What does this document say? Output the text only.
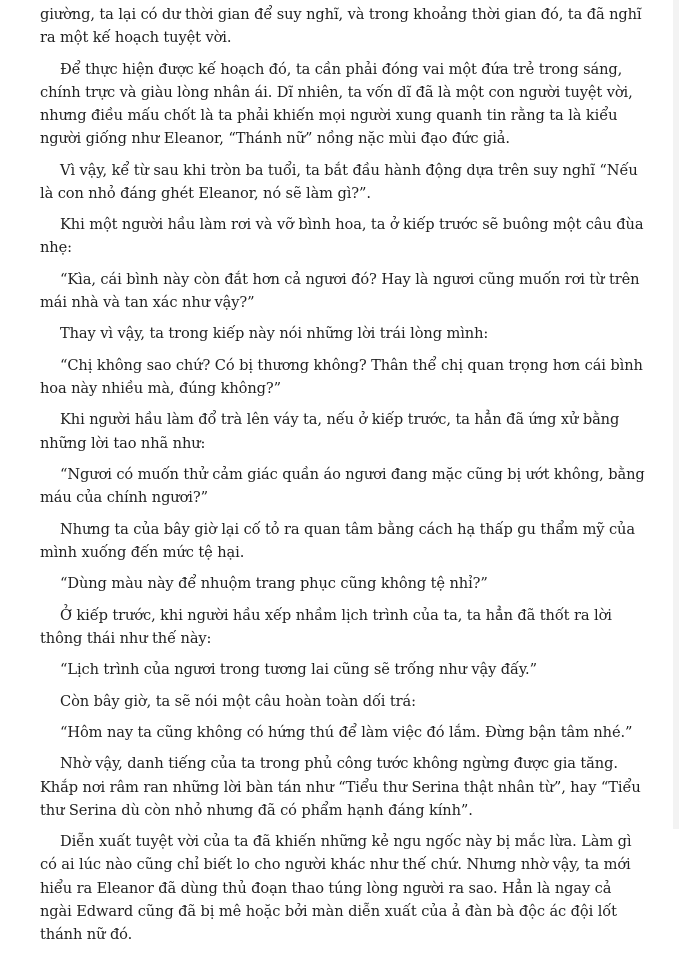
giường, ta lại có dư thời gian để suy nghĩ, và trong khoảng thời gian đó, ta đã nghĩ ra một kế hoạch tuyệt vời.

Để thực hiện được kế hoạch đó, ta cần phải đóng vai một đứa trẻ trong sáng, chính trực và giàu lòng nhân ái. Dĩ nhiên, ta vốn dĩ đã là một con người tuyệt vời, nhưng điều mấu chốt là ta phải khiến mọi người xung quanh tin rằng ta là kiểu người giống như Eleanor, “Thánh nữ” nồng nặc mùi đạo đức giả.

Vì vậy, kể từ sau khi tròn ba tuổi, ta bắt đầu hành động dựa trên suy nghĩ “Nếu là con nhỏ đáng ghét Eleanor, nó sẽ làm gì?”.

Khi một người hầu làm rơi và vỡ bình hoa, ta ở kiếp trước sẽ buông một câu đùa nhẹ:

“Kìa, cái bình này còn đắt hơn cả ngươi đó? Hay là ngươi cũng muốn rơi từ trên mái nhà và tan xác như vậy?”

Thay vì vậy, ta trong kiếp này nói những lời trái lòng mình:

“Chị không sao chứ? Có bị thương không? Thân thể chị quan trọng hơn cái bình hoa này nhiều mà, đúng không?”

Khi người hầu làm đổ trà lên váy ta, nếu ở kiếp trước, ta hẳn đã ứng xử bằng những lời tao nhã như:

“Ngươi có muốn thử cảm giác quần áo ngươi đang mặc cũng bị ướt không, bằng máu của chính ngươi?”

Nhưng ta của bây giờ lại cố tỏ ra quan tâm bằng cách hạ thấp gu thẩm mỹ của mình xuống đến mức tệ hại.

“Dùng màu này để nhuộm trang phục cũng không tệ nhỉ?”

Ở kiếp trước, khi người hầu xếp nhầm lịch trình của ta, ta hẳn đã thốt ra lời thông thái như thế này:

“Lịch trình của ngươi trong tương lai cũng sẽ trống như vậy đấy.”

Còn bây giờ, ta sẽ nói một câu hoàn toàn dối trá:

“Hôm nay ta cũng không có hứng thú để làm việc đó lắm. Đừng bận tâm nhé.”

Nhờ vậy, danh tiếng của ta trong phủ công tước không ngừng được gia tăng. Khắp nơi râm ran những lời bàn tán như “Tiểu thư Serina thật nhân từ”, hay “Tiểu thư Serina dù còn nhỏ nhưng đã có phẩm hạnh đáng kính”.

Diễn xuất tuyệt vời của ta đã khiến những kẻ ngu ngốc này bị mắc lừa. Làm gì có ai lúc nào cũng chỉ biết lo cho người khác như thế chứ. Nhưng nhờ vậy, ta mới hiểu ra Eleanor đã dùng thủ đoạn thao túng lòng người ra sao. Hẳn là ngay cả ngài Edward cũng đã bị mê hoặc bởi màn diễn xuất của ả đàn bà độc ác đội lốt thánh nữ đó.
